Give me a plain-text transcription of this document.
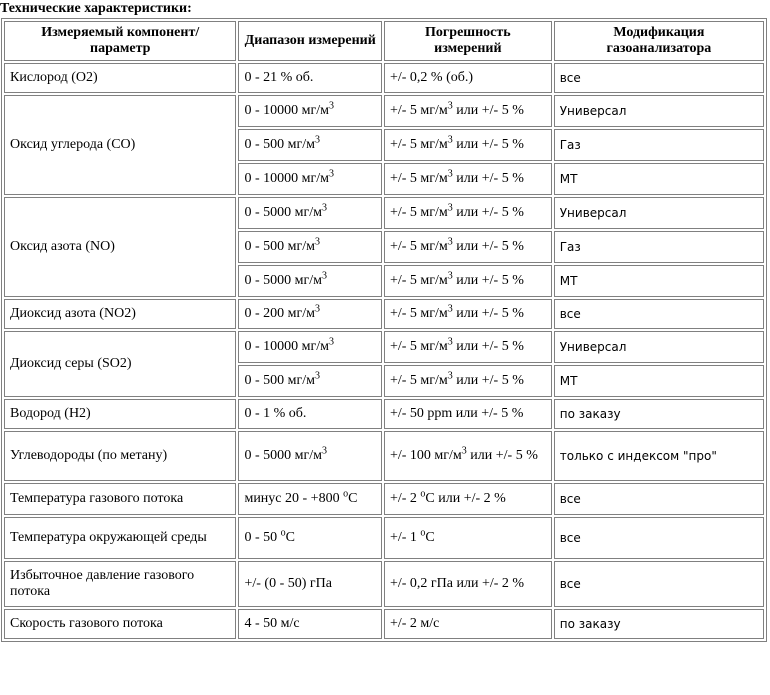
Технические характеристики:
Измеряемый компонент/ параметр	Диапазон измерений	Погрешность измерений	Модификация газоанализатора
Кислород (О2)	0 - 21 % об.	+/- 0,2 % (об.)	все
Оксид углерода (СО)	0 - 10000 $мг/м^3$	+/- 5 $мг/м^3$ или +/- 5 %	Универсал
	0 - 500 $мг/м^3$	+/- 5 $мг/м^3$ или +/- 5 %	Газ
	0 - 10000 $мг/м^3$	+/- 5 $мг/м^3$ или +/- 5 %	МТ
Оксид азота (NO)	0 - 5000 $мг/м^3$	+/- 5 $мг/м^3$ или +/- 5 %	Универсал
	0 - 500 $мг/м^3$	+/- 5 $мг/м^3$ или +/- 5 %	Газ
	0 - 5000 $мг/м^3$	+/- 5 $мг/м^3$ или +/- 5 %	МТ
Диоксид азота (NO2)	0 - 200 $мг/м^3$	+/- 5 $мг/м^3$ или +/- 5 %	все
Диоксид серы (SO2)	0 - 10000 $мг/м^3$	+/- 5 $мг/м^3$ или +/- 5 %	Универсал
	0 - 500 $мг/м^3$	+/- 5 $мг/м^3$ или +/- 5 %	МТ
Водород (Н2)	0 - 1 % об.	+/- 50 ppm или +/- 5 %	по заказу
Углеводороды (по метану)	0 - 5000 $мг/м^3$	+/- 100 $мг/м^3$ или +/- 5 %	только с индексом "про"
Температура газового потока	минус 20 - +800 $^о$С	+/- 2 $^о$С или +/- 2 %	все
Температура окружающей среды	0 - 50 $^о$С	+/- 1 $^о$С	все
Избыточное давление газового потока	+/- (0 - 50) гПа	+/- 0,2 гПа или +/- 2 %	все
Скорость газового потока	4 - 50 м/с	+/- 2 м/с	по заказу
